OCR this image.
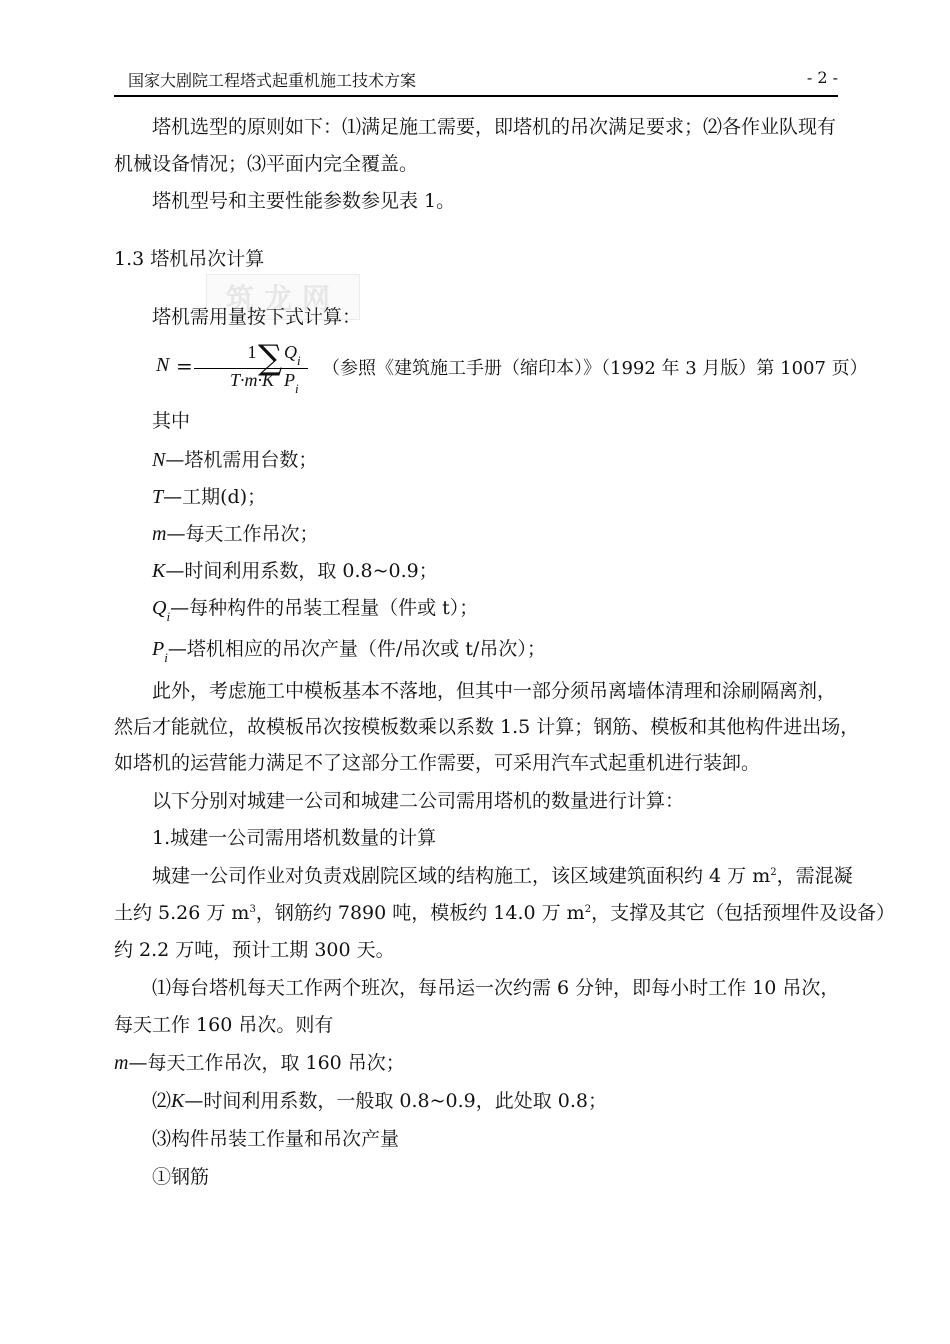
国家大剧院工程塔式起重机施工技术方案	- 2 -
塔机选型的原则如下：⑴满足施工需要，即塔机的吊次满足要求；⑵各作业队现有
机械设备情况；⑶平面内完全覆盖。
塔机型号和主要性能参数参见表 1。
1.3 塔机吊次计算
筑龙网
塔机需用量按下式计算：
N =
1
T·m·K
∑ $Q_i$
$P_i$
（参照《建筑施工手册（缩印本）》（1992 年 3 月版）第 1007 页）
其中
N—塔机需用台数；
T—工期(d)；
m—每天工作吊次；
K—时间利用系数，取 0.8~0.9；
$Q_i—$每种构件的吊装工程量（件或 t）；
$P_i—$塔机相应的吊次产量（件/吊次或 t/吊次）；
此外，考虑施工中模板基本不落地，但其中一部分须吊离墙体清理和涂刷隔离剂，
然后才能就位，故模板吊次按模板数乘以系数 1.5 计算；钢筋、模板和其他构件进出场，
如塔机的运营能力满足不了这部分工作需要，可采用汽车式起重机进行装卸。
以下分别对城建一公司和城建二公司需用塔机的数量进行计算：
1.城建一公司需用塔机数量的计算
城建一公司作业对负责戏剧院区域的结构施工，该区域建筑面积约 4 万 $m^2$，需混凝
土约 5.26 万 $m^3$，钢筋约 7890 吨，模板约 14.0 万 $m^2$，支撑及其它（包括预埋件及设备）
约 2.2 万吨，预计工期 300 天。
⑴每台塔机每天工作两个班次，每吊运一次约需 6 分钟，即每小时工作 10 吊次，
每天工作 160 吊次。则有
m—每天工作吊次，取 160 吊次；
⑵K—时间利用系数，一般取 0.8~0.9，此处取 0.8；
⑶构件吊装工作量和吊次产量
①钢筋
